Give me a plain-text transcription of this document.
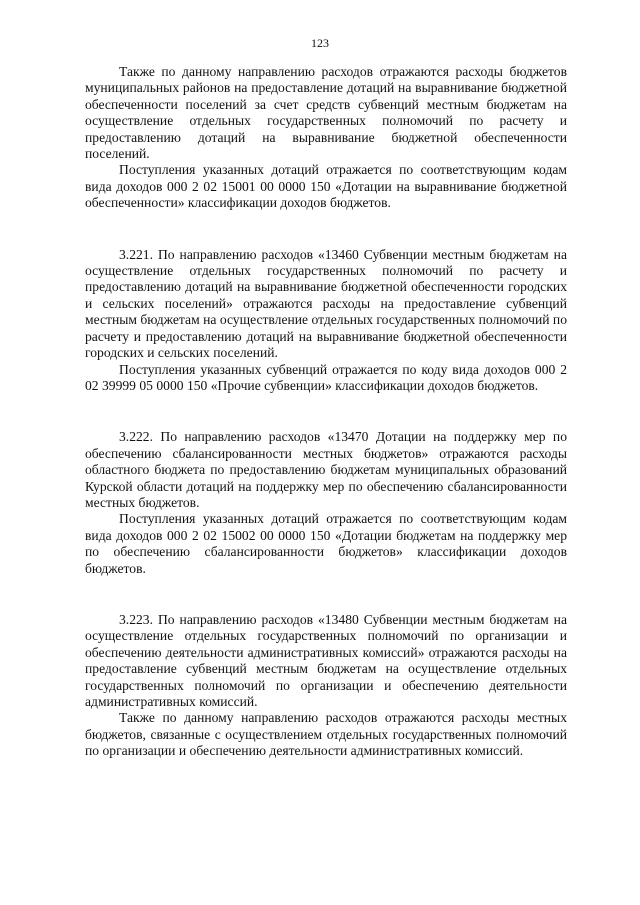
123

Также по данному направлению расходов отражаются расходы бюджетов муниципальных районов на предоставление дотаций на выравнивание бюджетной обеспеченности поселений за счет средств субвенций местным бюджетам на осуществление отдельных государственных полномочий по расчету и предоставлению дотаций на выравнивание бюджетной обеспеченности поселений.

Поступления указанных дотаций отражается по соответствующим кодам вида доходов 000 2 02 15001 00 0000 150 «Дотации на выравнивание бюджетной обеспеченности» классификации доходов бюджетов.

3.221. По направлению расходов «13460 Субвенции местным бюджетам на осуществление отдельных государственных полномочий по расчету и предоставлению дотаций на выравнивание бюджетной обеспеченности городских и сельских поселений» отражаются расходы на предоставление субвенций местным бюджетам на осуществление отдельных государственных полномочий по расчету и предоставлению дотаций на выравнивание бюджетной обеспеченности городских и сельских поселений.

Поступления указанных субвенций отражается по коду вида доходов 000 2 02 39999 05 0000 150 «Прочие субвенции» классификации доходов бюджетов.

3.222. По направлению расходов «13470 Дотации на поддержку мер по обеспечению сбалансированности местных бюджетов» отражаются расходы областного бюджета по предоставлению бюджетам муниципальных образований Курской области дотаций на поддержку мер по обеспечению сбалансированности местных бюджетов.

Поступления указанных дотаций отражается по соответствующим кодам вида доходов 000 2 02 15002 00 0000 150 «Дотации бюджетам на поддержку мер по обеспечению сбалансированности бюджетов» классификации доходов бюджетов.

3.223. По направлению расходов «13480 Субвенции местным бюджетам на осуществление отдельных государственных полномочий по организации и обеспечению деятельности административных комиссий» отражаются расходы на предоставление субвенций местным бюджетам на осуществление отдельных государственных полномочий по организации и обеспечению деятельности административных комиссий.

Также по данному направлению расходов отражаются расходы местных бюджетов, связанные с осуществлением отдельных государственных полномочий по организации и обеспечению деятельности административных комиссий.
